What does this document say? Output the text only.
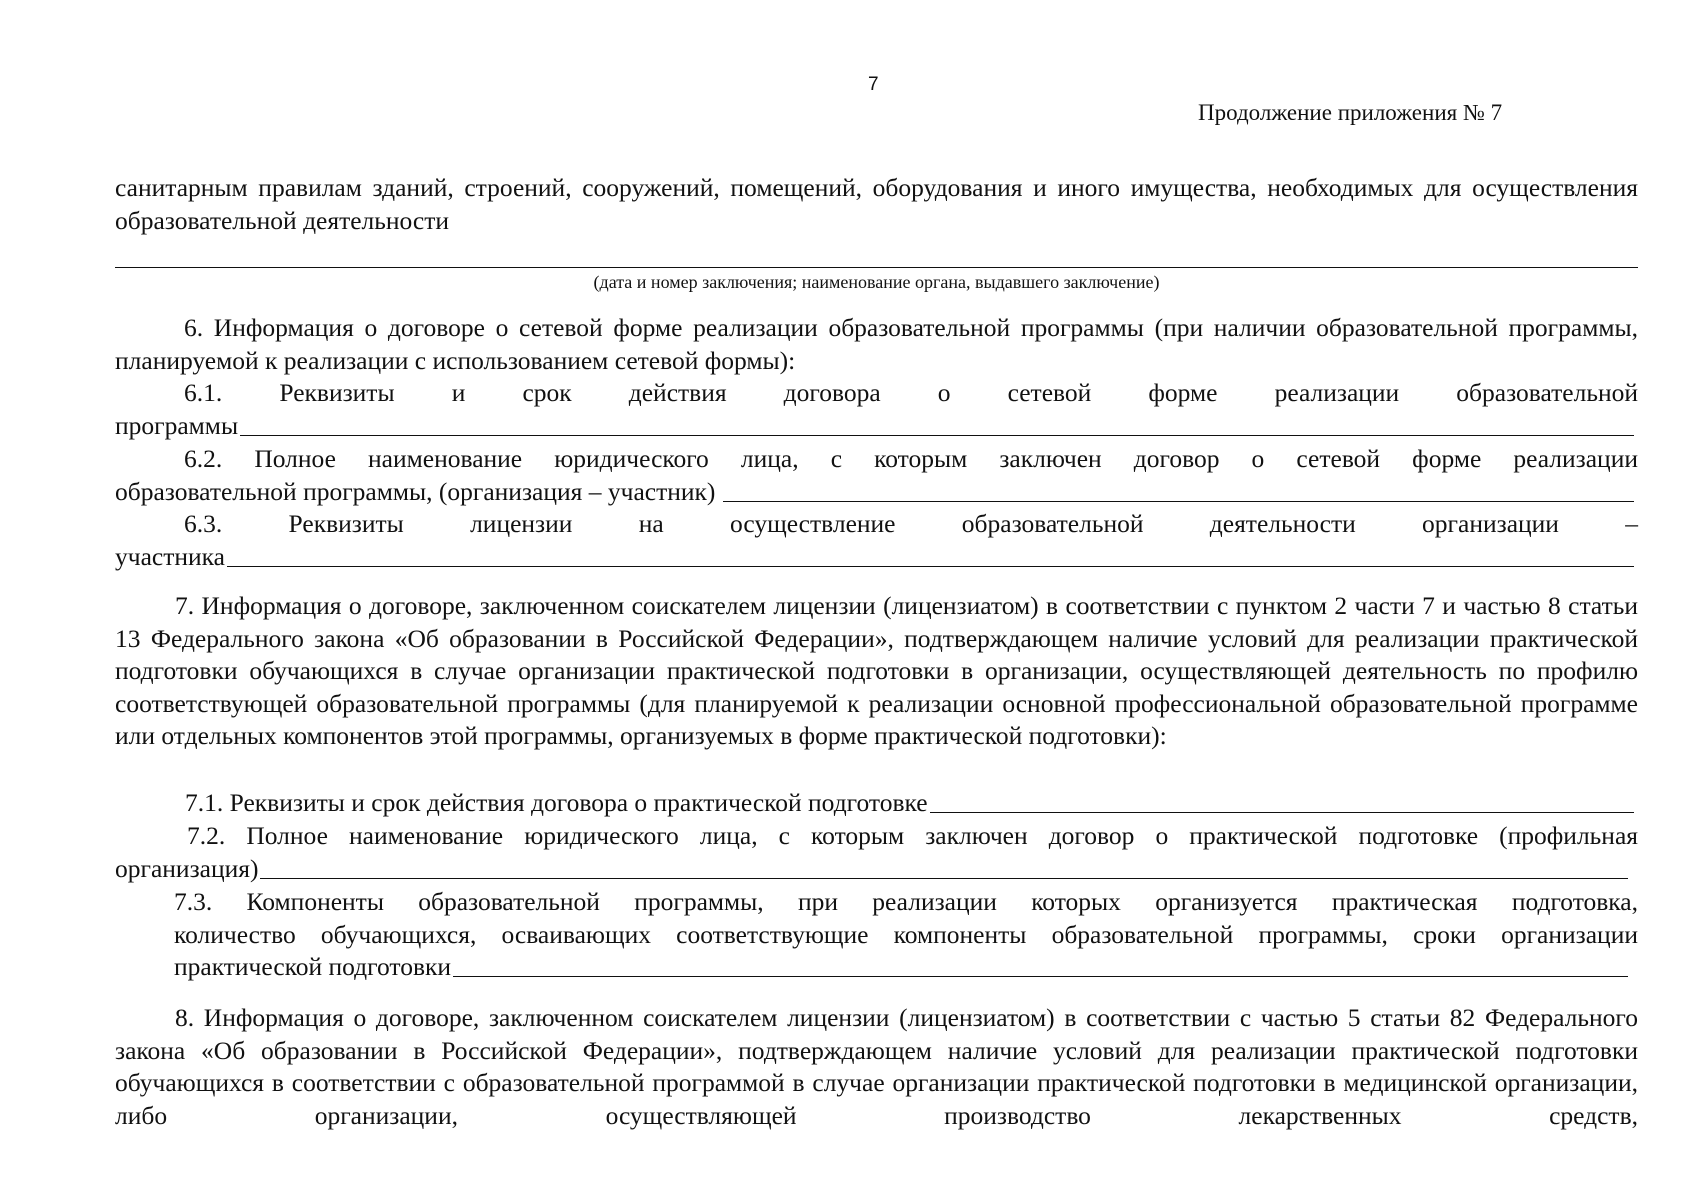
7
Продолжение приложения № 7
санитарным правилам зданий, строений, сооружений, помещений, оборудования и иного имущества, необходимых для осуществления образовательной деятельности
(дата и номер заключения; наименование органа, выдавшего заключение)
6. Информация о договоре о сетевой форме реализации образовательной программы (при наличии образовательной программы, планируемой к реализации с использованием сетевой формы):
6.1. Реквизиты и срок действия договора о сетевой форме реализации образовательной
программы
6.2. Полное наименование юридического лица, с которым заключен договор о сетевой форме реализации
образовательной программы, (организация – участник)
6.3. Реквизиты лицензии на осуществление образовательной деятельности организации –
участника
7. Информация о договоре, заключенном соискателем лицензии (лицензиатом) в соответствии с пунктом 2 части 7 и частью 8 статьи 13 Федерального закона «Об образовании в Российской Федерации», подтверждающем наличие условий для реализации практической подготовки обучающихся в случае организации практической подготовки в организации, осуществляющей деятельность по профилю соответствующей образовательной программы (для планируемой к реализации основной профессиональной образовательной программе или отдельных компонентов этой программы, организуемых в форме практической подготовки):
7.1. Реквизиты и срок действия договора о практической подготовке
7.2. Полное наименование юридического лица, с которым заключен договор о практической подготовке (профильная
организация)
7.3. Компоненты образовательной программы, при реализации которых организуется практическая подготовка,
количество обучающихся, осваивающих соответствующие компоненты образовательной программы, сроки организации
практической подготовки
8. Информация о договоре, заключенном соискателем лицензии (лицензиатом) в соответствии с частью 5 статьи 82 Федерального закона «Об образовании в Российской Федерации», подтверждающем наличие условий для реализации практической подготовки обучающихся в соответствии с образовательной программой в случае организации практической подготовки в медицинской организации, либо организации, осуществляющей производство лекарственных средств,
